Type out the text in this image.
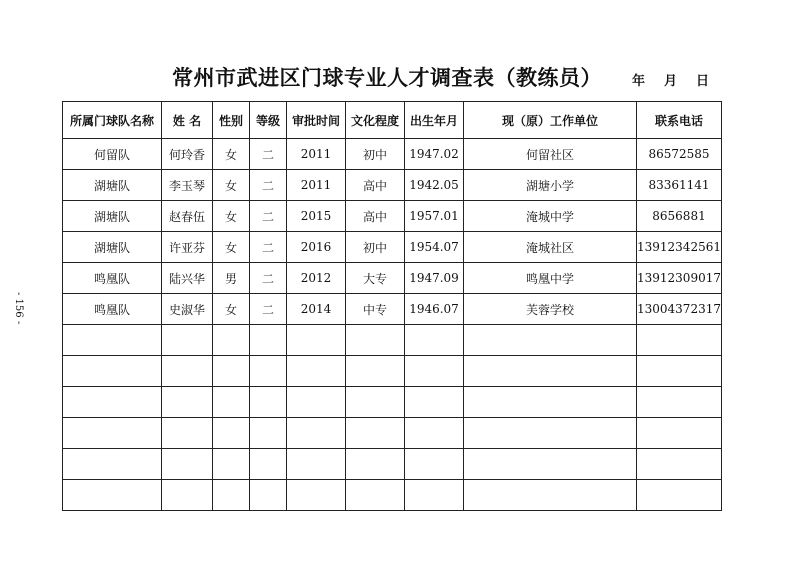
常州市武进区门球专业人才调查表（教练员） 年 月 日
- 156 -
所属门球队名称	姓 名	性别	等级	审批时间	文化程度	出生年月	现（原）工作单位	联系电话
何留队	何玲香	女	二	2011	初中	1947.02	何留社区	86572585
湖塘队	李玉琴	女	二	2011	高中	1942.05	湖塘小学	83361141
湖塘队	赵春伍	女	二	2015	高中	1957.01	淹城中学	8656881
湖塘队	许亚芬	女	二	2016	初中	1954.07	淹城社区	13912342561
鸣凰队	陆兴华	男	二	2012	大专	1947.09	鸣凰中学	13912309017
鸣凰队	史淑华	女	二	2014	中专	1946.07	芙蓉学校	13004372317
